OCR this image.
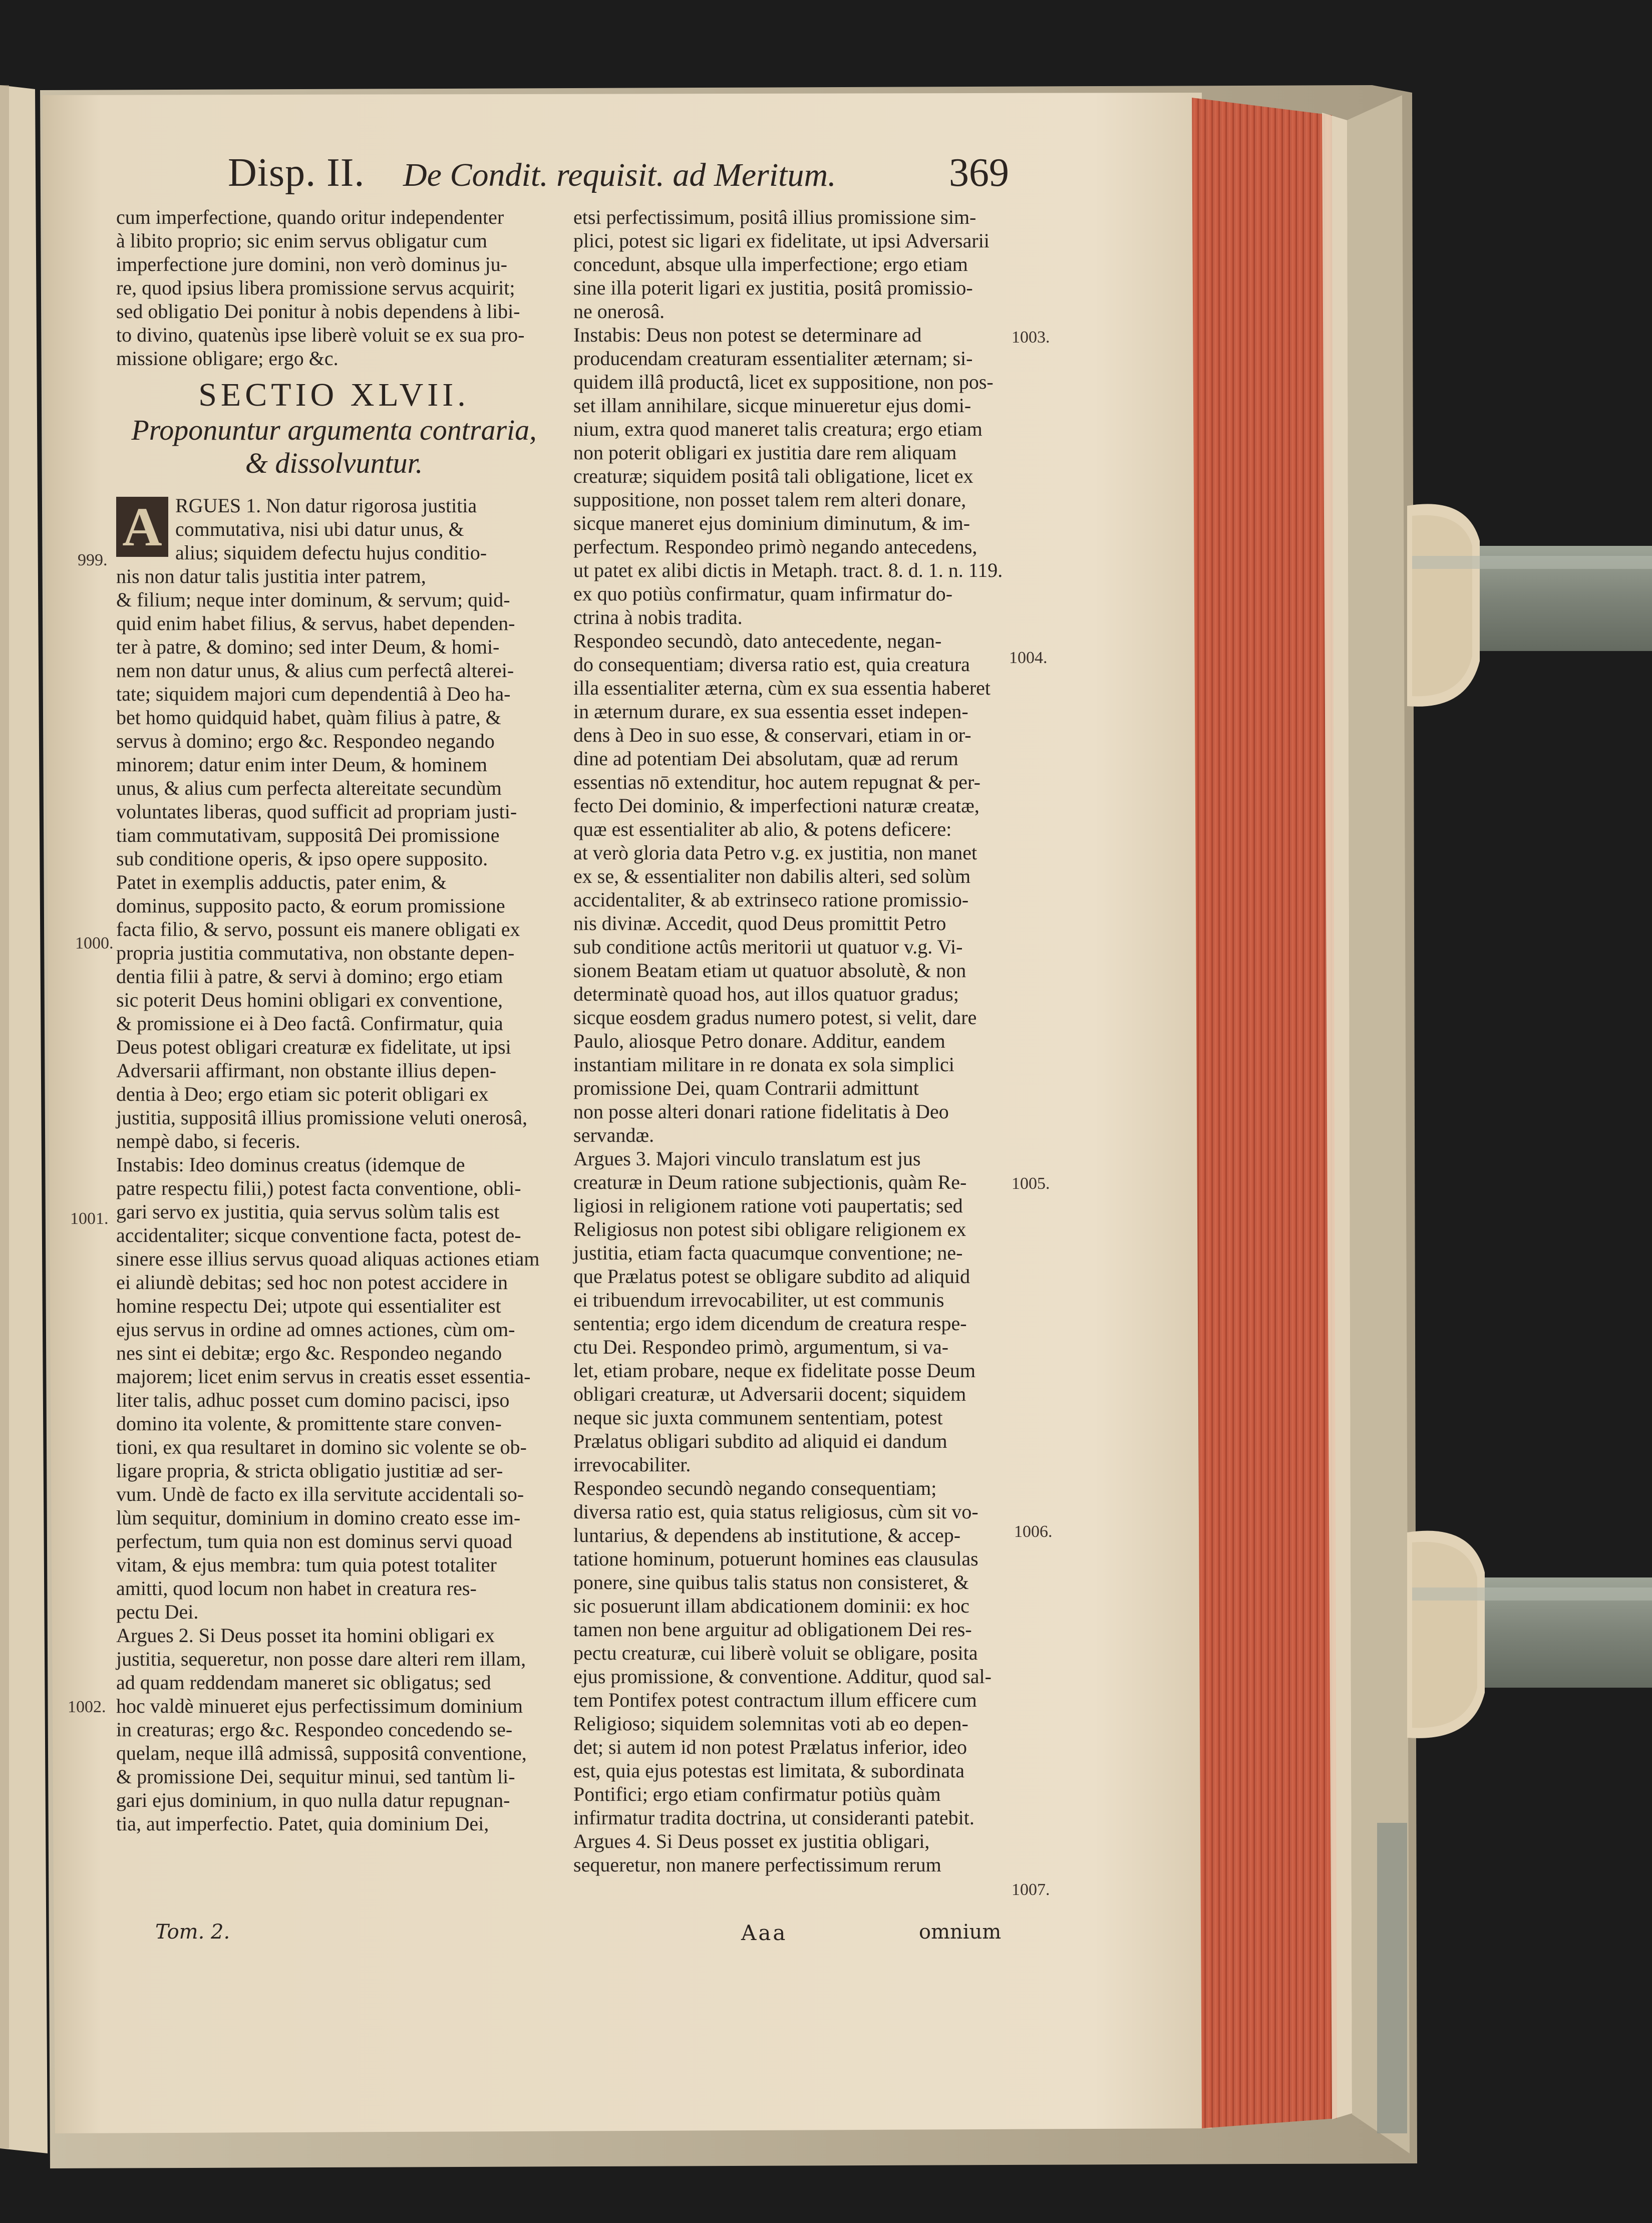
Disp. II. De Condit. requisit. ad Meritum.	369

cum imperfectione, quando oritur independenter

à libito proprio; sic enim servus obligatur cum

imperfectione jure domini, non verò dominus ju-

re, quod ipsius libera promissione servus acquirit;

sed obligatio Dei ponitur à nobis dependens à libi-

to divino, quatenùs ipse liberè voluit se ex sua pro-

missione obligare; ergo &c.

SECTIO XLVII.

Proponuntur argumenta contraria,

& dissolvuntur.

A RGUES 1. Non datur rigorosa justitia

commutativa, nisi ubi datur unus, &

alius; siquidem defectu hujus conditio-

nis non datur talis justitia inter patrem,

& filium; neque inter dominum, & servum; quid-

quid enim habet filius, & servus, habet dependen-

ter à patre, & domino; sed inter Deum, & homi-

nem non datur unus, & alius cum perfectâ alterei-

tate; siquidem majori cum dependentiâ à Deo ha-

bet homo quidquid habet, quàm filius à patre, &

servus à domino; ergo &c. Respondeo negando

minorem; datur enim inter Deum, & hominem

unus, & alius cum perfecta altereitate secundùm

voluntates liberas, quod sufficit ad propriam justi-

tiam commutativam, suppositâ Dei promissione

sub conditione operis, & ipso opere supposito.

Patet in exemplis adductis, pater enim, &

dominus, supposito pacto, & eorum promissione

facta filio, & servo, possunt eis manere obligati ex

propria justitia commutativa, non obstante depen-

dentia filii à patre, & servi à domino; ergo etiam

sic poterit Deus homini obligari ex conventione,

& promissione ei à Deo factâ. Confirmatur, quia

Deus potest obligari creaturæ ex fidelitate, ut ipsi

Adversarii affirmant, non obstante illius depen-

dentia à Deo; ergo etiam sic poterit obligari ex

justitia, suppositâ illius promissione veluti onerosâ,

nempè dabo, si feceris.

Instabis: Ideo dominus creatus (idemque de

patre respectu filii,) potest facta conventione, obli-

gari servo ex justitia, quia servus solùm talis est

accidentaliter; sicque conventione facta, potest de-

sinere esse illius servus quoad aliquas actiones etiam

ei aliundè debitas; sed hoc non potest accidere in

homine respectu Dei; utpote qui essentialiter est

ejus servus in ordine ad omnes actiones, cùm om-

nes sint ei debitæ; ergo &c. Respondeo negando

majorem; licet enim servus in creatis esset essentia-

liter talis, adhuc posset cum domino pacisci, ipso

domino ita volente, & promittente stare conven-

tioni, ex qua resultaret in domino sic volente se ob-

ligare propria, & stricta obligatio justitiæ ad ser-

vum. Undè de facto ex illa servitute accidentali so-

lùm sequitur, dominium in domino creato esse im-

perfectum, tum quia non est dominus servi quoad

vitam, & ejus membra: tum quia potest totaliter

amitti, quod locum non habet in creatura res-

pectu Dei.

Argues 2. Si Deus posset ita homini obligari ex

justitia, sequeretur, non posse dare alteri rem illam,

ad quam reddendam maneret sic obligatus; sed

hoc valdè minueret ejus perfectissimum dominium

in creaturas; ergo &c. Respondeo concedendo se-

quelam, neque illâ admissâ, suppositâ conventione,

& promissione Dei, sequitur minui, sed tantùm li-

gari ejus dominium, in quo nulla datur repugnan-

tia, aut imperfectio. Patet, quia dominium Dei,

etsi perfectissimum, positâ illius promissione sim-

plici, potest sic ligari ex fidelitate, ut ipsi Adversarii

concedunt, absque ulla imperfectione; ergo etiam

sine illa poterit ligari ex justitia, positâ promissio-

ne onerosâ.

Instabis: Deus non potest se determinare ad

producendam creaturam essentialiter æternam; si-

quidem illâ productâ, licet ex suppositione, non pos-

set illam annihilare, sicque minueretur ejus domi-

nium, extra quod maneret talis creatura; ergo etiam

non poterit obligari ex justitia dare rem aliquam

creaturæ; siquidem positâ tali obligatione, licet ex

suppositione, non posset talem rem alteri donare,

sicque maneret ejus dominium diminutum, & im-

perfectum. Respondeo primò negando antecedens,

ut patet ex alibi dictis in Metaph. tract. 8. d. 1. n. 119.

ex quo potiùs confirmatur, quam infirmatur do-

ctrina à nobis tradita.

Respondeo secundò, dato antecedente, negan-

do consequentiam; diversa ratio est, quia creatura

illa essentialiter æterna, cùm ex sua essentia haberet

in æternum durare, ex sua essentia esset indepen-

dens à Deo in suo esse, & conservari, etiam in or-

dine ad potentiam Dei absolutam, quæ ad rerum

essentias nō extenditur, hoc autem repugnat & per-

fecto Dei dominio, & imperfectioni naturæ creatæ,

quæ est essentialiter ab alio, & potens deficere:

at verò gloria data Petro v.g. ex justitia, non manet

ex se, & essentialiter non dabilis alteri, sed solùm

accidentaliter, & ab extrinseco ratione promissio-

nis divinæ. Accedit, quod Deus promittit Petro

sub conditione actûs meritorii ut quatuor v.g. Vi-

sionem Beatam etiam ut quatuor absolutè, & non

determinatè quoad hos, aut illos quatuor gradus;

sicque eosdem gradus numero potest, si velit, dare

Paulo, aliosque Petro donare. Additur, eandem

instantiam militare in re donata ex sola simplici

promissione Dei, quam Contrarii admittunt

non posse alteri donari ratione fidelitatis à Deo

servandæ.

Argues 3. Majori vinculo translatum est jus

creaturæ in Deum ratione subjectionis, quàm Re-

ligiosi in religionem ratione voti paupertatis; sed

Religiosus non potest sibi obligare religionem ex

justitia, etiam facta quacumque conventione; ne-

que Prælatus potest se obligare subdito ad aliquid

ei tribuendum irrevocabiliter, ut est communis

sententia; ergo idem dicendum de creatura respe-

ctu Dei. Respondeo primò, argumentum, si va-

let, etiam probare, neque ex fidelitate posse Deum

obligari creaturæ, ut Adversarii docent; siquidem

neque sic juxta communem sententiam, potest

Prælatus obligari subdito ad aliquid ei dandum

irrevocabiliter.

Respondeo secundò negando consequentiam;

diversa ratio est, quia status religiosus, cùm sit vo-

luntarius, & dependens ab institutione, & accep-

tatione hominum, potuerunt homines eas clausulas

ponere, sine quibus talis status non consisteret, &

sic posuerunt illam abdicationem dominii: ex hoc

tamen non bene arguitur ad obligationem Dei res-

pectu creaturæ, cui liberè voluit se obligare, posita

ejus promissione, & conventione. Additur, quod sal-

tem Pontifex potest contractum illum efficere cum

Religioso; siquidem solemnitas voti ab eo depen-

det; si autem id non potest Prælatus inferior, ideo

est, quia ejus potestas est limitata, & subordinata

Pontifici; ergo etiam confirmatur potiùs quàm

infirmatur tradita doctrina, ut consideranti patebit.

Argues 4. Si Deus posset ex justitia obligari,

sequeretur, non manere perfectissimum rerum

999.
1000.
1001.
1002.
1003.
1004.
1005.
1006.
1007.
Tom. 2.	Aaa	omnium
